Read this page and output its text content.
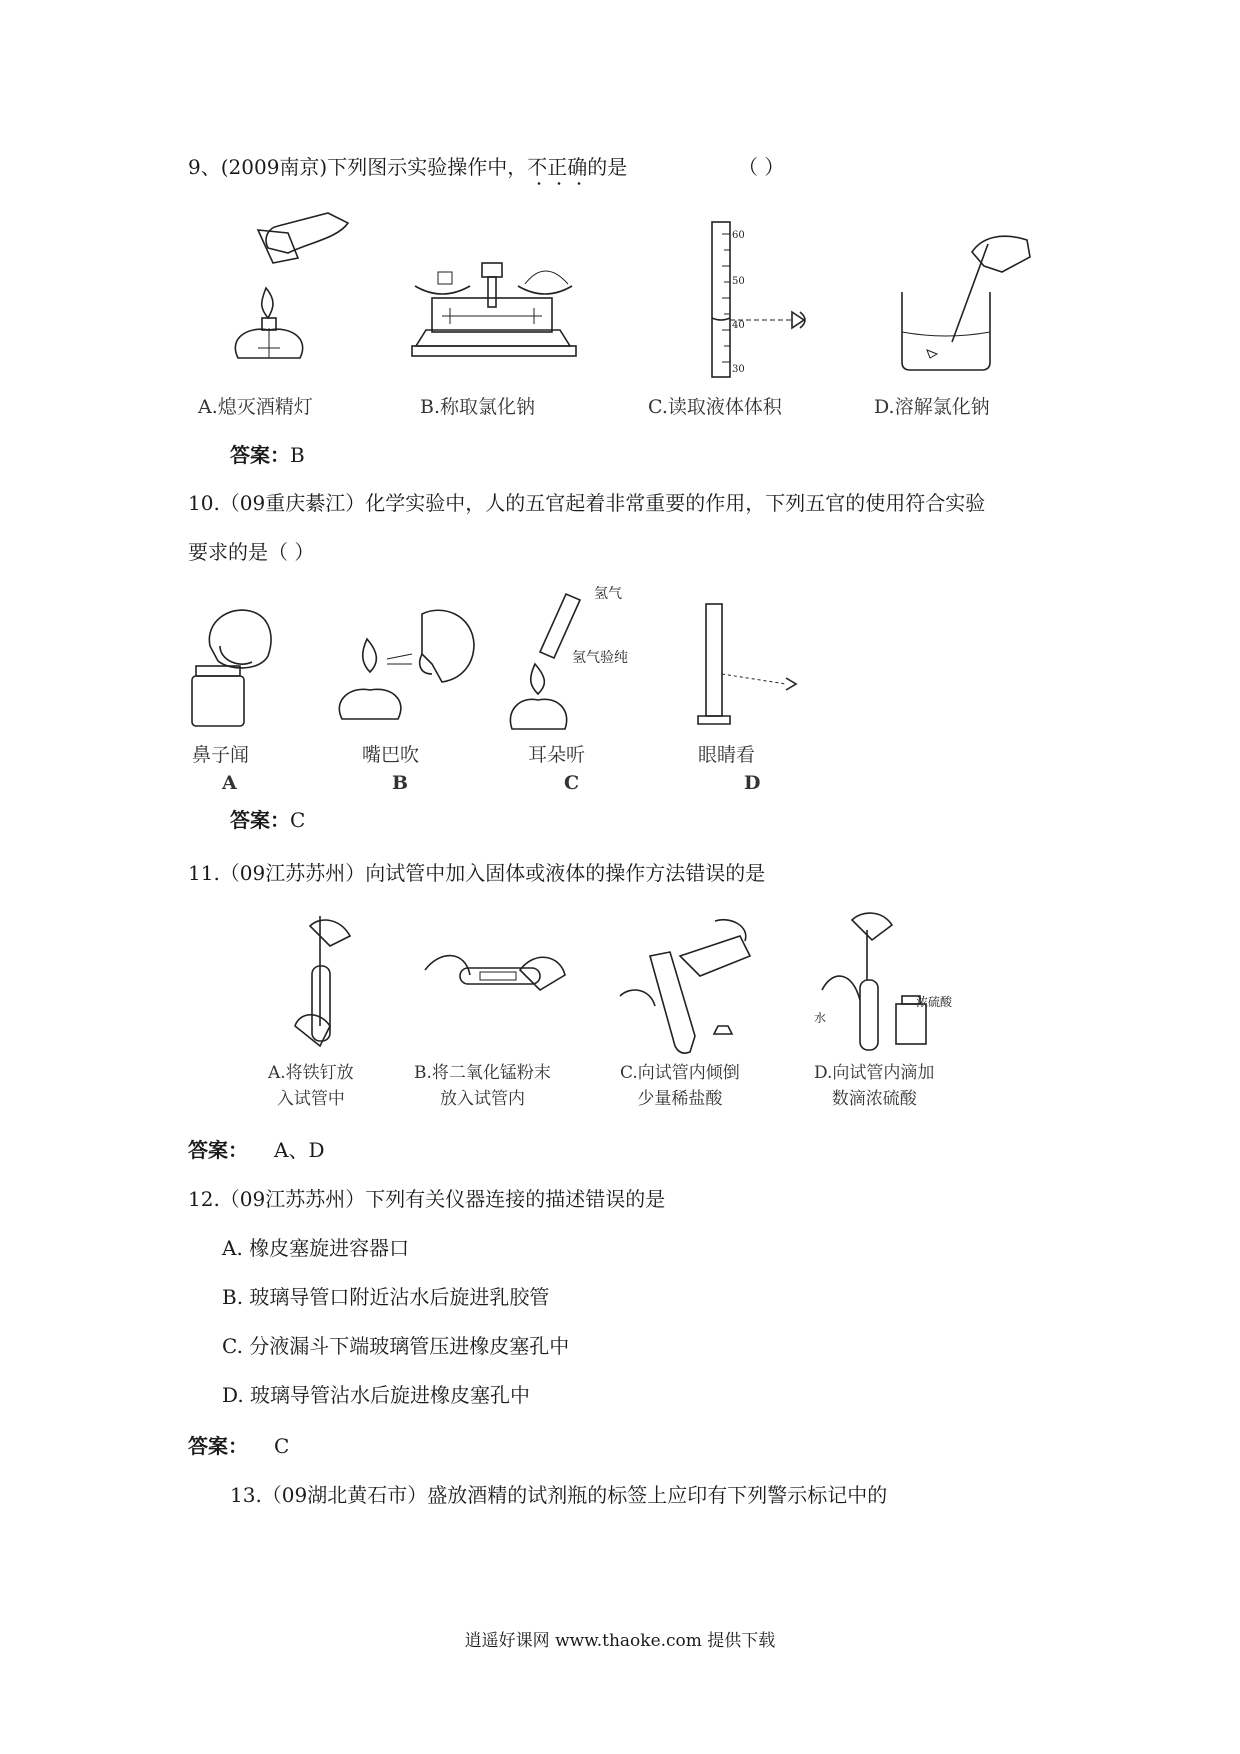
9、(2009南京)下列图示实验操作中，不正确的是	（ ）
60
50
40
30
A.熄灭酒精灯	B.称取氯化钠	C.读取液体体积	D.溶解氯化钠
答案：B
10.（09重庆綦江）化学实验中，人的五官起着非常重要的作用，下列五官的使用符合实验
要求的是（ ）
氢气
氢气验纯
鼻子闻	嘴巴吹	耳朵听	眼睛看
A	B	C	D
答案：C
11.（09江苏苏州）向试管中加入固体或液体的操作方法错误的是
水
浓硫酸
A.将铁钉放
入试管中
B.将二氧化锰粉末
放入试管内
C.向试管内倾倒
少量稀盐酸
D.向试管内滴加
数滴浓硫酸
答案： A、D
12.（09江苏苏州）下列有关仪器连接的描述错误的是
A. 橡皮塞旋进容器口
B. 玻璃导管口附近沾水后旋进乳胶管
C. 分液漏斗下端玻璃管压进橡皮塞孔中
D. 玻璃导管沾水后旋进橡皮塞孔中
答案： C
13.（09湖北黄石市）盛放酒精的试剂瓶的标签上应印有下列警示标记中的
逍遥好课网 www.thaoke.com 提供下载
